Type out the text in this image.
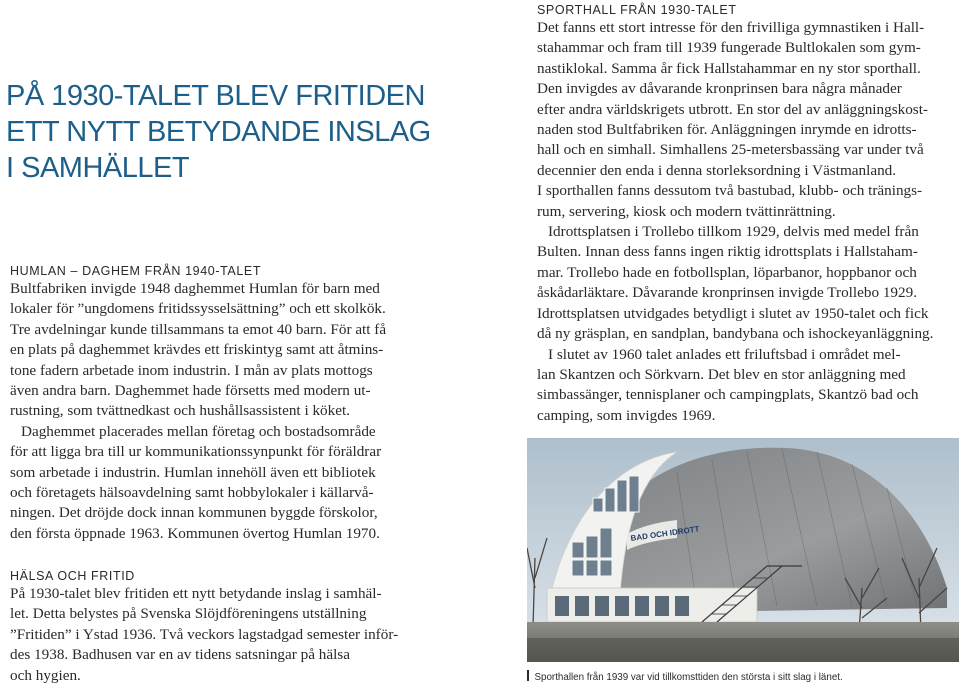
PÅ 1930-TALET BLEV FRITIDEN
ETT NYTT BETYDANDE INSLAG
I SAMHÄLLET
HUMLAN – DAGHEM FRÅN 1940-TALET

Bultfabriken invigde 1948 daghemmet Humlan för barn med
lokaler för ”ungdomens fritidssysselsättning” och ett skolkök.
Tre avdelningar kunde tillsammans ta emot 40 barn. För att få
en plats på daghemmet krävdes ett friskintyg samt att åtmins-
tone fadern arbetade inom industrin. I mån av plats mottogs
även andra barn. Daghemmet hade försetts med modern ut-
rustning, som tvättnedkast och hushållsassistent i köket.
Daghemmet placerades mellan företag och bostadsområde
för att ligga bra till ur kommunikationssynpunkt för föräldrar
som arbetade i industrin. Humlan innehöll även ett bibliotek
och företagets hälsoavdelning samt hobbylokaler i källarvå-
ningen. Det dröjde dock innan kommunen byggde förskolor,
den första öppnade 1963. Kommunen övertog Humlan 1970.

HÄLSA OCH FRITID

På 1930-talet blev fritiden ett nytt betydande inslag i samhäl-
let. Detta belystes på Svenska Slöjdföreningens utställning
”Fritiden” i Ystad 1936. Två veckors lagstadgad semester inför-
des 1938. Badhusen var en av tidens satsningar på hälsa
och hygien.

SPORTHALL FRÅN 1930-TALET

Det fanns ett stort intresse för den frivilliga gymnastiken i Hall-
stahammar och fram till 1939 fungerade Bultlokalen som gym-
nastiklokal. Samma år fick Hallstahammar en ny stor sporthall.
Den invigdes av dåvarande kronprinsen bara några månader
efter andra världskrigets utbrott. En stor del av anläggningskost-
naden stod Bultfabriken för. Anläggningen inrymde en idrotts-
hall och en simhall. Simhallens 25-metersbassäng var under två
decennier den enda i denna storleksordning i Västmanland.
I sporthallen fanns dessutom två bastubad, klubb- och tränings-
rum, servering, kiosk och modern tvättinrättning.
Idrottsplatsen i Trollebo tillkom 1929, delvis med medel från
Bulten. Innan dess fanns ingen riktig idrottsplats i Hallstaham-
mar. Trollebo hade en fotbollsplan, löparbanor, hoppbanor och
åskådarläktare. Dåvarande kronprinsen invigde Trollebo 1929.
Idrottsplatsen utvidgades betydligt i slutet av 1950-talet och fick
då ny gräsplan, en sandplan, bandybana och ishockeyanläggning.
I slutet av 1960 talet anlades ett friluftsbad i området mel-
lan Skantzen och Sörkvarn. Det blev en stor anläggning med
simbassänger, tennisplaner och campingplats, Skantzö bad och
camping, som invigdes 1969.

BAD OCH IDROTT
Sporthallen från 1939 var vid tillkomsttiden den största i sitt slag i länet.
